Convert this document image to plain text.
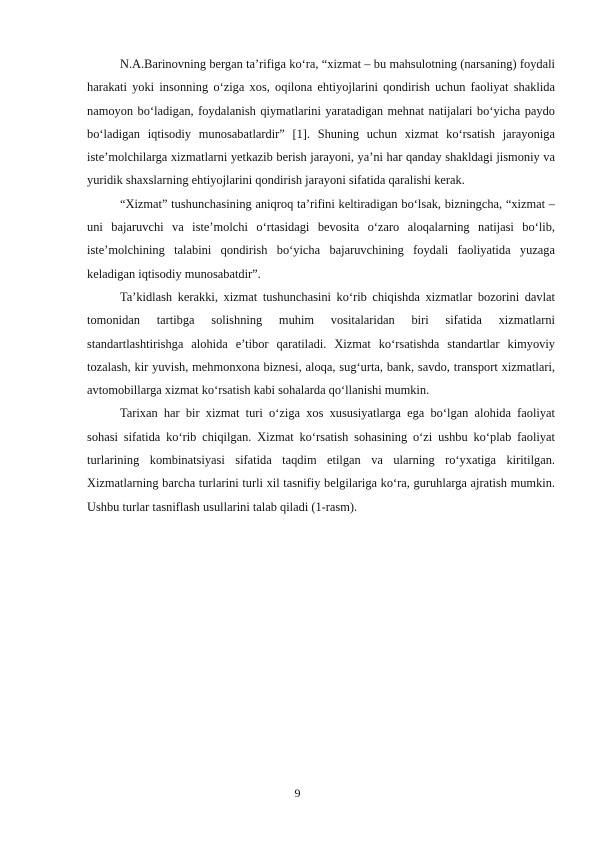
N.A.Barinovning bergan ta’rifiga ko‘ra, “xizmat – bu mahsulotning (narsaning) foydali harakati yoki insonning o‘ziga xos, oqilona ehtiyojlarini qondirish uchun faoliyat shaklida namoyon bo‘ladigan, foydalanish qiymatlarini yaratadigan mehnat natijalari bo‘yicha paydo bo‘ladigan iqtisodiy munosabatlardir” [1]. Shuning uchun xizmat ko‘rsatish jarayoniga iste’molchilarga xizmatlarni yetkazib berish jarayoni, ya’ni har qanday shakldagi jismoniy va yuridik shaxslarning ehtiyojlarini qondirish jarayoni sifatida qaralishi kerak.

“Xizmat” tushunchasining aniqroq ta’rifini keltiradigan bo‘lsak, bizningcha, “xizmat – uni bajaruvchi va iste’molchi o‘rtasidagi bevosita o‘zaro aloqalarning natijasi bo‘lib, iste’molchining talabini qondirish bo‘yicha bajaruvchining foydali faoliyatida yuzaga keladigan iqtisodiy munosabatdir”.

Ta’kidlash kerakki, xizmat tushunchasini ko‘rib chiqishda xizmatlar bozorini davlat tomonidan tartibga solishning muhim vositalaridan biri sifatida xizmatlarni standartlashtirishga alohida e’tibor qaratiladi. Xizmat ko‘rsatishda standartlar kimyoviy tozalash, kir yuvish, mehmonxona biznesi, aloqa, sug‘urta, bank, savdo, transport xizmatlari, avtomobillarga xizmat ko‘rsatish kabi sohalarda qo‘llanishi mumkin.

Tarixan har bir xizmat turi o‘ziga xos xususiyatlarga ega bo‘lgan alohida faoliyat sohasi sifatida ko‘rib chiqilgan. Xizmat ko‘rsatish sohasining o‘zi ushbu ko‘plab faoliyat turlarining kombinatsiyasi sifatida taqdim etilgan va ularning ro‘yxatiga kiritilgan. Xizmatlarning barcha turlarini turli xil tasnifiy belgilariga ko‘ra, guruhlarga ajratish mumkin. Ushbu turlar tasniflash usullarini talab qiladi (1-rasm).

9
